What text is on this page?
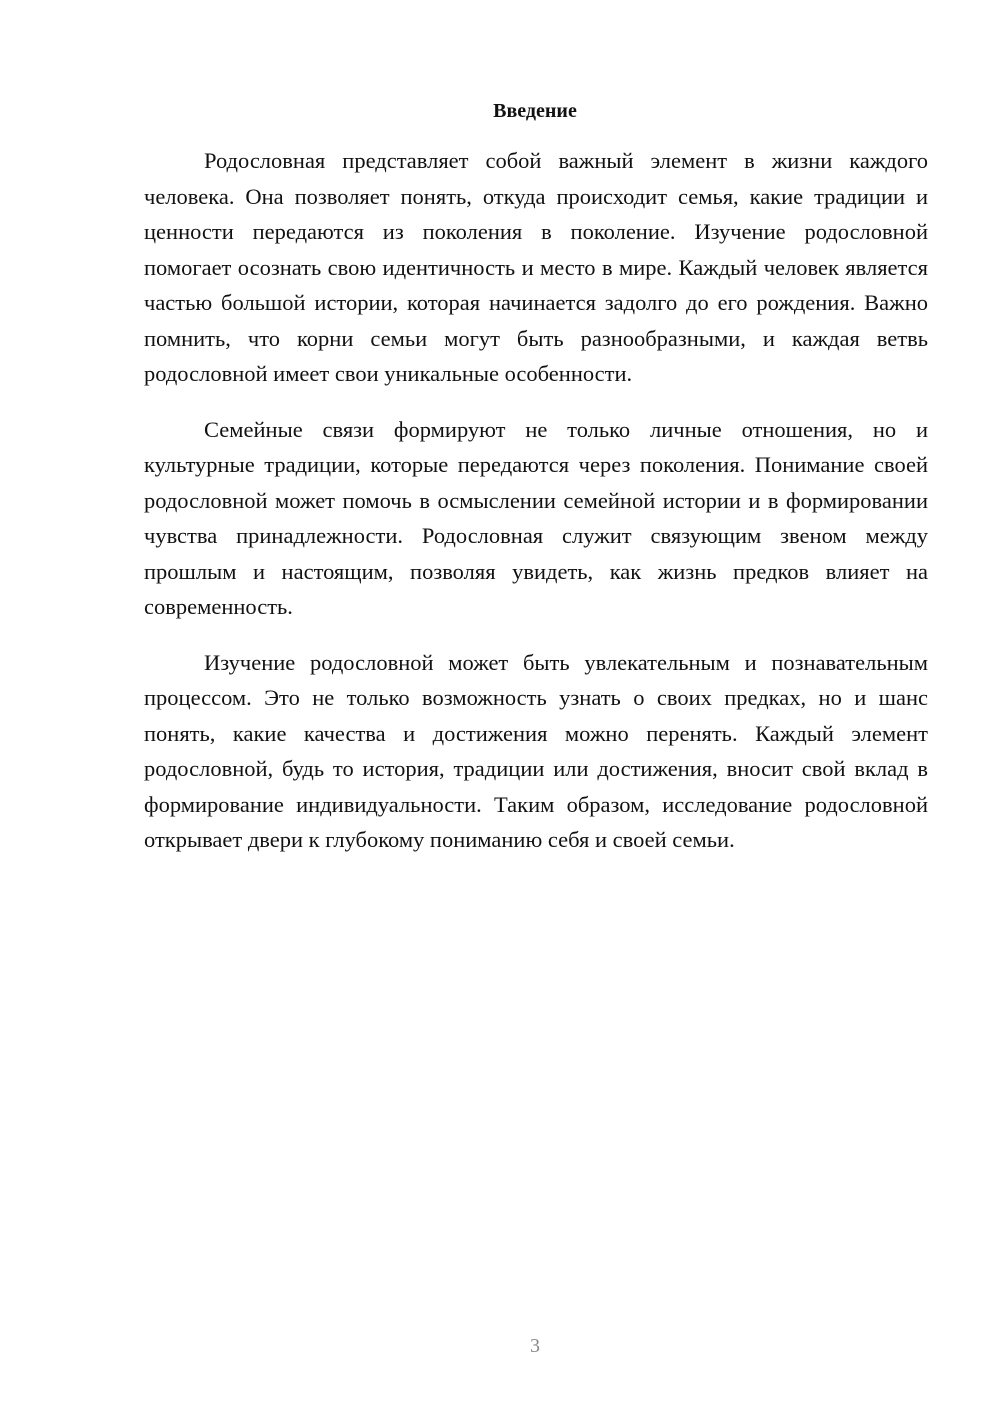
Введение

Родословная представляет собой важный элемент в жизни каждого человека. Она позволяет понять, откуда происходит семья, какие традиции и ценности передаются из поколения в поколение. Изучение родословной помогает осознать свою идентичность и место в мире. Каждый человек является частью большой истории, которая начинается задолго до его рождения. Важно помнить, что корни семьи могут быть разнообразными, и каждая ветвь родословной имеет свои уникальные особенности.

Семейные связи формируют не только личные отношения, но и культурные традиции, которые передаются через поколения. Понимание своей родословной может помочь в осмыслении семейной истории и в формировании чувства принадлежности. Родословная служит связующим звеном между прошлым и настоящим, позволяя увидеть, как жизнь предков влияет на современность.

Изучение родословной может быть увлекательным и познавательным процессом. Это не только возможность узнать о своих предках, но и шанс понять, какие качества и достижения можно перенять. Каждый элемент родословной, будь то история, традиции или достижения, вносит свой вклад в формирование индивидуальности. Таким образом, исследование родословной открывает двери к глубокому пониманию себя и своей семьи.

3
